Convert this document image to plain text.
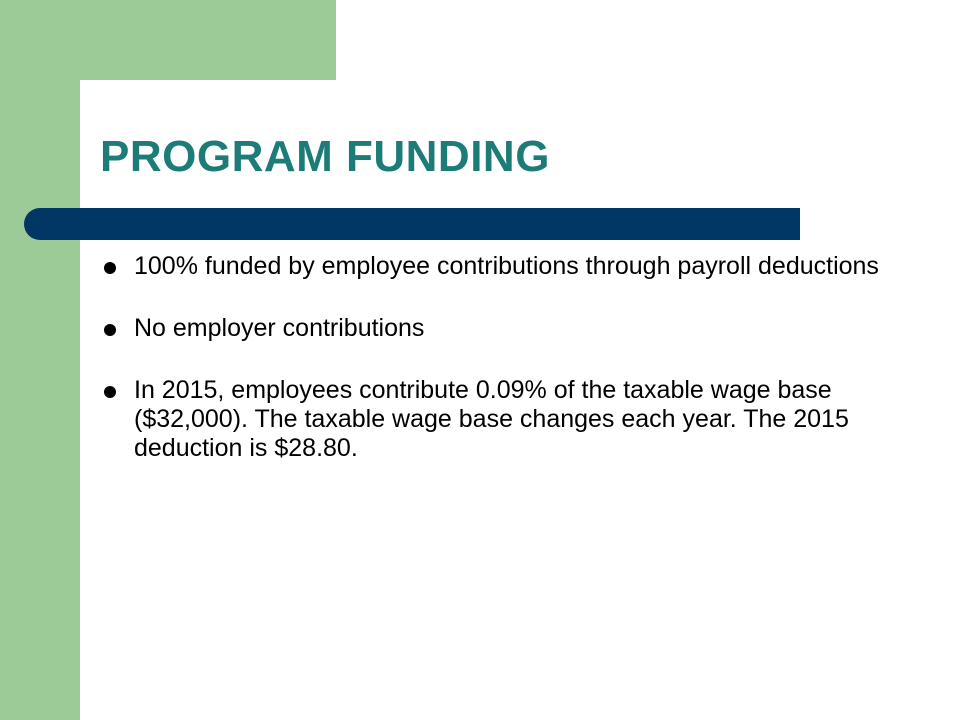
PROGRAM FUNDING
100% funded by employee contributions through payroll deductions
No employer contributions
In 2015, employees contribute 0.09% of the taxable wage base ($32,000). The taxable wage base changes each year. The 2015 deduction is $28.80.
